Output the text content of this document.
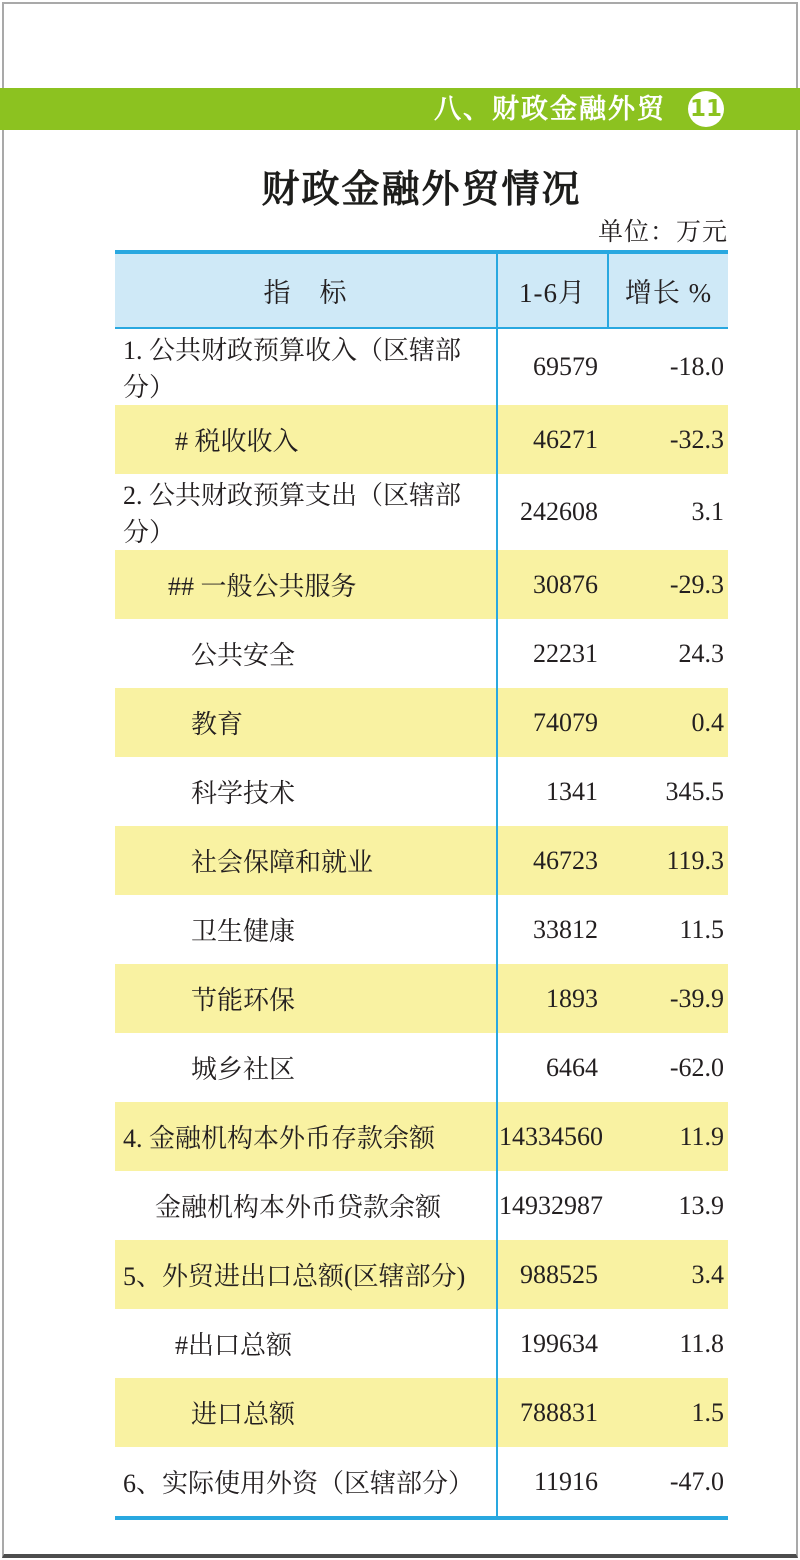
八、财政金融外贸 11
财政金融外贸情况
单位：万元
指　标	1-6月	增长 %
1. 公共财政预算收入（区辖部分）	69579	-18.0
# 税收收入	46271	-32.3
2. 公共财政预算支出（区辖部分）	242608	3.1
## 一般公共服务	30876	-29.3
公共安全	22231	24.3
教育	74079	0.4
科学技术	1341	345.5
社会保障和就业	46723	119.3
卫生健康	33812	11.5
节能环保	1893	-39.9
城乡社区	6464	-62.0
4. 金融机构本外币存款余额	14334560	11.9
金融机构本外币贷款余额	14932987	13.9
5、外贸进出口总额(区辖部分)	988525	3.4
#出口总额	199634	11.8
进口总额	788831	1.5
6、实际使用外资（区辖部分）	11916	-47.0
